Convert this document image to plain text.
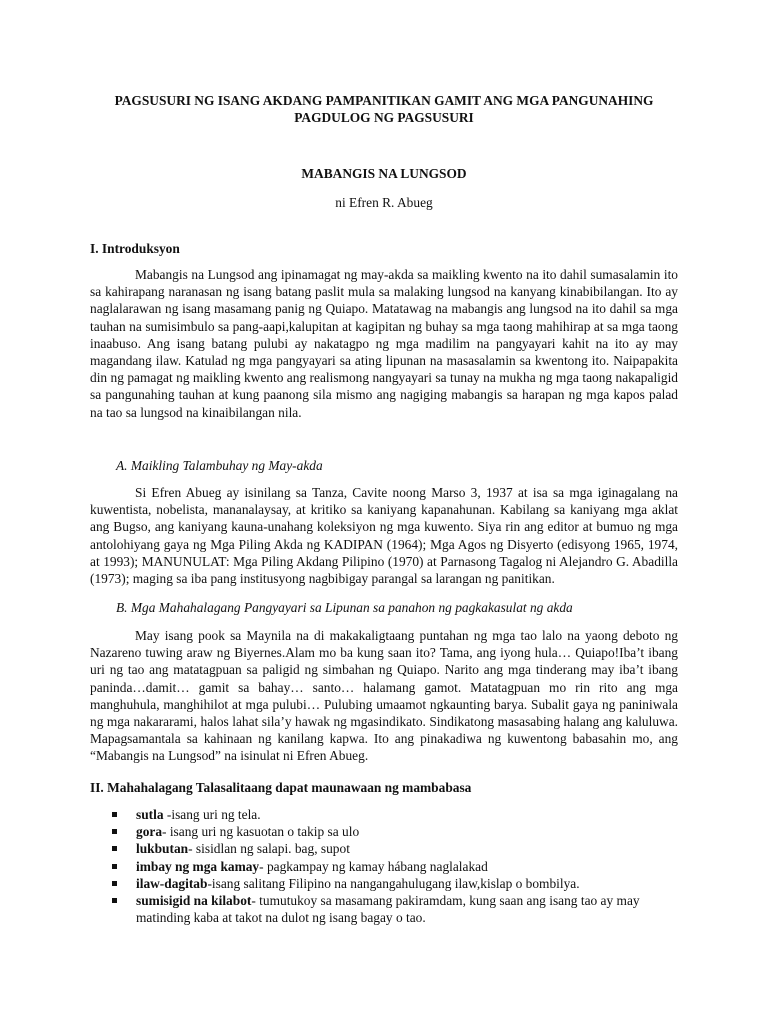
PAGSUSURI NG ISANG AKDANG PAMPANITIKAN GAMIT ANG MGA PANGUNAHING PAGDULOG NG PAGSUSURI
MABANGIS NA LUNGSOD
ni Efren R. Abueg
I. Introduksyon

Mabangis na Lungsod ang ipinamagat ng may-akda sa maikling kwento na ito dahil sumasalamin ito sa kahirapang naranasan ng isang batang paslit mula sa malaking lungsod na kanyang kinabibilangan. Ito ay naglalarawan ng isang masamang panig ng Quiapo. Matatawag na mabangis ang lungsod na ito dahil sa mga tauhan na sumisimbulo sa pang-aapi,kalupitan at kagipitan ng buhay sa mga taong mahihirap at sa mga taong inaabuso. Ang isang batang pulubi ay nakatagpo ng mga madilim na pangyayari kahit na ito ay may magandang ilaw. Katulad ng mga pangyayari sa ating lipunan na masasalamin sa kwentong ito. Naipapakita din ng pamagat ng maikling kwento ang realismong nangyayari sa tunay na mukha ng mga taong nakapaligid sa pangunahing tauhan at kung paanong sila mismo ang nagiging mabangis sa harapan ng mga kapos palad na tao sa lungsod na kinaibilangan nila.

A. Maikling Talambuhay ng May-akda

Si Efren Abueg ay isinilang sa Tanza, Cavite noong Marso 3, 1937 at isa sa mga iginagalang na kuwentista, nobelista, mananalaysay, at kritiko sa kaniyang kapanahunan. Kabilang sa kaniyang mga aklat ang Bugso, ang kaniyang kauna-unahang koleksiyon ng mga kuwento. Siya rin ang editor at bumuo ng mga antolohiyang gaya ng Mga Piling Akda ng KADIPAN (1964); Mga Agos ng Disyerto (edisyong 1965, 1974, at 1993); MANUNULAT: Mga Piling Akdang Pilipino (1970) at Parnasong Tagalog ni Alejandro G. Abadilla (1973); maging sa iba pang institusyong nagbibigay parangal sa larangan ng panitikan.

B. Mga Mahahalagang Pangyayari sa Lipunan sa panahon ng pagkakasulat ng akda

May isang pook sa Maynila na di makakaligtaang puntahan ng mga tao lalo na yaong deboto ng Nazareno tuwing araw ng Biyernes.Alam mo ba kung saan ito? Tama, ang iyong hula… Quiapo!Iba’t ibang uri ng tao ang matatagpuan sa paligid ng simbahan ng Quiapo. Narito ang mga tinderang may iba’t ibang paninda…damit… gamit sa bahay… santo… halamang gamot. Matatagpuan mo rin rito ang mga manghuhula, manghihilot at mga pulubi… Pulubing umaamot ngkaunting barya. Subalit gaya ng paniniwala ng mga nakararami, halos lahat sila’y hawak ng mgasindikato. Sindikatong masasabing halang ang kaluluwa. Mapagsamantala sa kahinaan ng kanilang kapwa. Ito ang pinakadiwa ng kuwentong babasahin mo, ang “Mabangis na Lungsod” na isinulat ni Efren Abueg.

II. Mahahalagang Talasalitaang dapat maunawaan ng mambabasa
sutla -isang uri ng tela.
gora- isang uri ng kasuotan o takip sa ulo
lukbutan- sisidlan ng salapi. bag, supot
imbay ng mga kamay- pagkampay ng kamay hábang naglalakad
ilaw-dagitab-isang salitang Filipino na nangangahulugang ilaw,kislap o bombilya.
sumisigid na kilabot- tumutukoy sa masamang pakiramdam, kung saan ang isang tao ay may matinding kaba at takot na dulot ng isang bagay o tao.
